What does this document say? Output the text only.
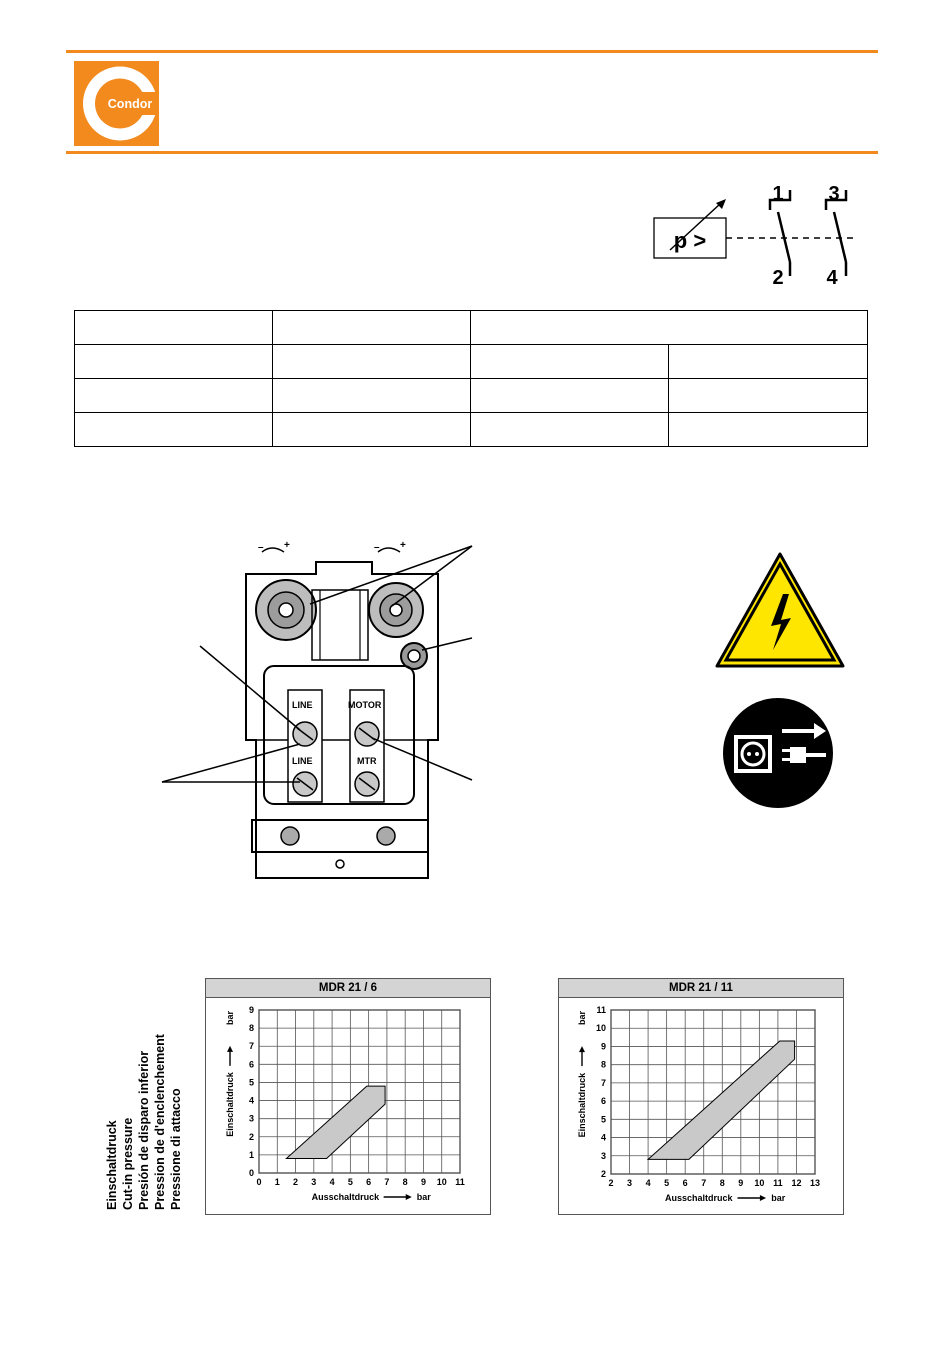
Condor
p >
1 3
2 4

– +	– +
LINE	MOTOR
LINE	MTR
Einschaltdruck Cut-in pressure Presión de disparo inferior Pression de d'enclenchement Pressione di attacco
MDR 21 / 6
0 1 2 3 4 5 6 7 8 9 10 11
0
1
2
3
4
5
6
7
8
9
Ausschaltdruck	bar
Einschaltdruck
bar
MDR 21 / 11
2 3 4 5 6 7 8 9 10 11 12 13
2
3
4
5
6
7
8
9
10
11
Ausschaltdruck	bar
Einschaltdruck
bar
